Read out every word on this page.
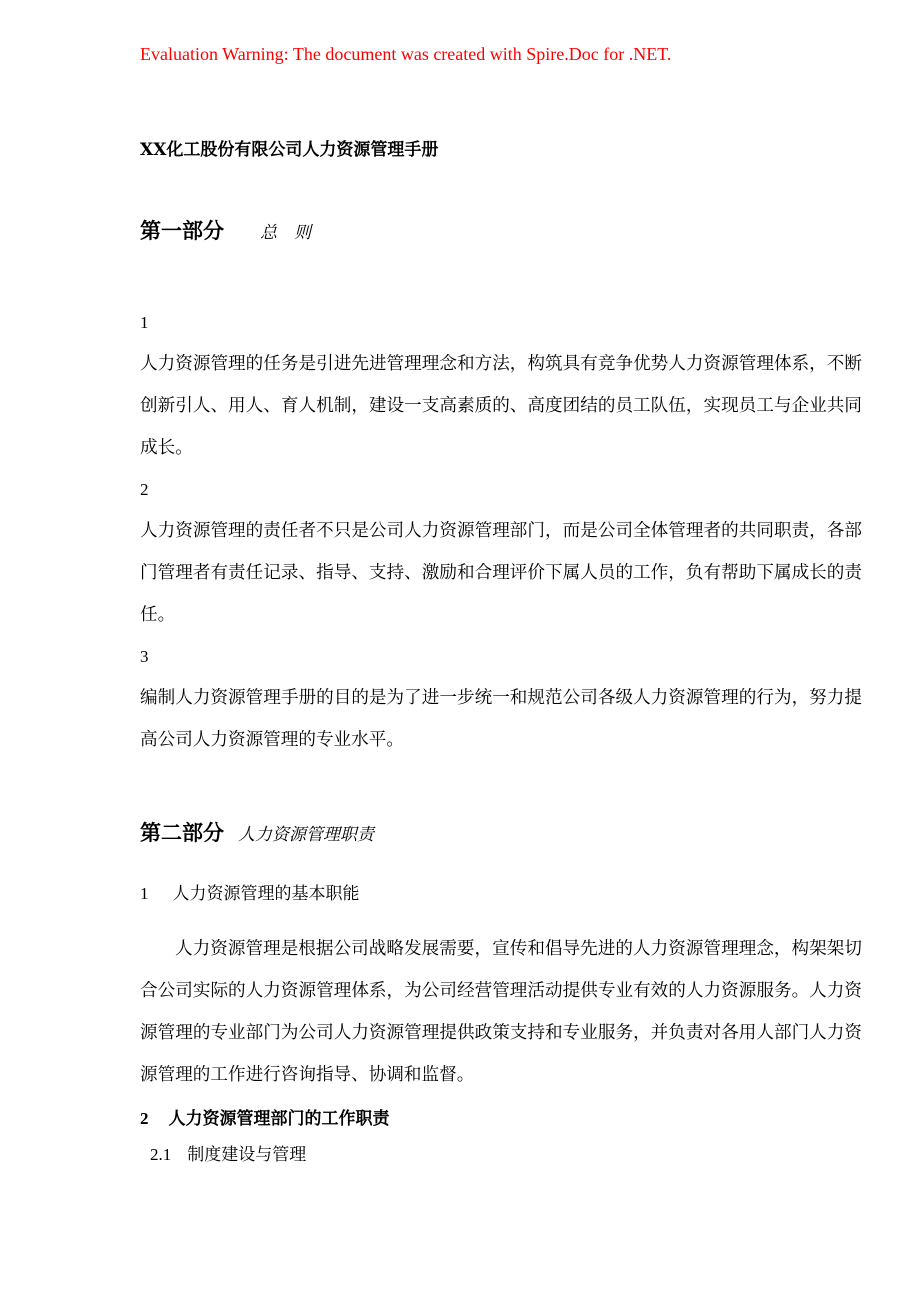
Evaluation Warning: The document was created with Spire.Doc for .NET.
XX化工股份有限公司人力资源管理手册
第一部分 总　则
1
人力资源管理的任务是引进先进管理理念和方法，构筑具有竞争优势人力资源管理体系，不断创新引人、用人、育人机制，建设一支高素质的、高度团结的员工队伍，实现员工与企业共同成长。
2
人力资源管理的责任者不只是公司人力资源管理部门，而是公司全体管理者的共同职责，各部门管理者有责任记录、指导、支持、激励和合理评价下属人员的工作，负有帮助下属成长的责任。
3
编制人力资源管理手册的目的是为了进一步统一和规范公司各级人力资源管理的行为，努力提高公司人力资源管理的专业水平。
第二部分 人力资源管理职责
1 人力资源管理的基本职能
人力资源管理是根据公司战略发展需要，宣传和倡导先进的人力资源管理理念，构架架切合公司实际的人力资源管理体系，为公司经营管理活动提供专业有效的人力资源服务。人力资源管理的专业部门为公司人力资源管理提供政策支持和专业服务，并负责对各用人部门人力资源管理的工作进行咨询指导、协调和监督。
2 人力资源管理部门的工作职责
2.1 制度建设与管理
